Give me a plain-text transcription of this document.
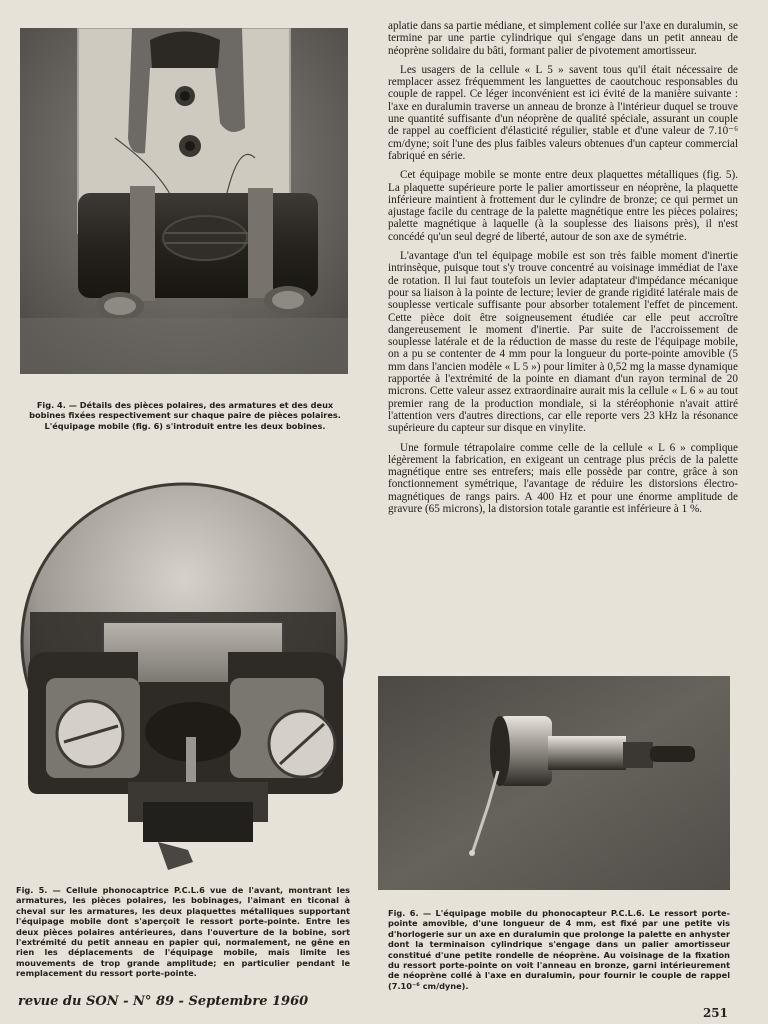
Fig. 4. — Détails des pièces polaires, des armatures et des deux bobines fixées respectivement sur chaque paire de pièces polaires. L'équipage mobile (fig. 6) s'introduit entre les deux bobines.
Fig. 5. — Cellule phonocaptrice P.C.L.6 vue de l'avant, montrant les armatures, les pièces polaires, les bobinages, l'aimant en ticonal à cheval sur les armatures, les deux plaquettes métalliques supportant l'équipage mobile dont s'aperçoit le ressort porte-pointe. Entre les deux pièces polaires antérieures, dans l'ouverture de la bobine, sort l'extrémité du petit anneau en papier qui, normalement, ne gêne en rien les déplacements de l'équipage mobile, mais limite les mouvements de trop grande amplitude; en particulier pendant le remplacement du ressort porte-pointe.
Fig. 6. — L'équipage mobile du phonocapteur P.C.L.6. Le ressort porte-pointe amovible, d'une longueur de 4 mm, est fixé par une petite vis d'horlogerie sur un axe en duralumin que prolonge la palette en anhyster dont la terminaison cylindrique s'engage dans un palier amortisseur constitué d'une petite rondelle de néoprène. Au voisinage de la fixation du ressort porte-pointe on voit l'anneau en bronze, garni intérieurement de néoprène collé à l'axe en duralumin, pour fournir le couple de rappel (7.10⁻⁶ cm/dyne).

aplatie dans sa partie médiane, et simplement collée sur l'axe en duralumin, se termine par une partie cylindrique qui s'engage dans un petit anneau de néoprène solidaire du bâti, formant palier de pivotement amortisseur.

Les usagers de la cellule « L 5 » savent tous qu'il était nécessaire de remplacer assez fréquemment les languettes de caoutchouc responsables du couple de rappel. Ce léger inconvénient est ici évité de la manière suivante : l'axe en duralumin traverse un anneau de bronze à l'intérieur duquel se trouve une quantité suffisante d'un néoprène de qualité spéciale, assurant un couple de rappel au coefficient d'élasticité régulier, stable et d'une valeur de 7.10⁻⁶ cm/dyne; soit l'une des plus faibles valeurs obtenues d'un capteur commercial fabriqué en série.

Cet équipage mobile se monte entre deux plaquettes métalliques (fig. 5). La plaquette supérieure porte le palier amortisseur en néoprène, la plaquette inférieure maintient à frottement dur le cylindre de bronze; ce qui permet un ajustage facile du centrage de la palette magnétique entre les pièces polaires; palette magnétique à laquelle (à la souplesse des liaisons près), il n'est concédé qu'un seul degré de liberté, autour de son axe de symétrie.

L'avantage d'un tel équipage mobile est son très faible moment d'inertie intrinsèque, puisque tout s'y trouve concentré au voisinage immédiat de l'axe de rotation. Il lui faut toutefois un levier adaptateur d'impédance mécanique pour sa liaison à la pointe de lecture; levier de grande rigidité latérale mais de souplesse verticale suffisante pour absorber totalement l'effet de pincement. Cette pièce doit être soigneusement étudiée car elle peut accroître dangereusement le moment d'inertie. Par suite de l'accroissement de souplesse latérale et de la réduction de masse du reste de l'équipage mobile, on a pu se contenter de 4 mm pour la longueur du porte-pointe amovible (5 mm dans l'ancien modèle « L 5 ») pour limiter à 0,52 mg la masse dynamique rapportée à l'extrémité de la pointe en diamant d'un rayon terminal de 20 microns. Cette valeur assez extraordinaire aurait mis la cellule « L 6 » au tout premier rang de la production mondiale, si la stéréophonie n'avait attiré l'attention vers d'autres directions, car elle reporte vers 23 kHz la résonance supérieure du capteur sur disque en vinylite.

Une formule tétrapolaire comme celle de la cellule « L 6 » complique légèrement la fabrication, en exigeant un centrage plus précis de la palette magnétique entre ses entrefers; mais elle possède par contre, grâce à son fonctionnement symétrique, l'avantage de réduire les distorsions électro-magnétiques de rangs pairs. A 400 Hz et pour une énorme amplitude de gravure (65 microns), la distorsion totale garantie est inférieure à 1 %.

revue du SON - N° 89 - Septembre 1960
251
